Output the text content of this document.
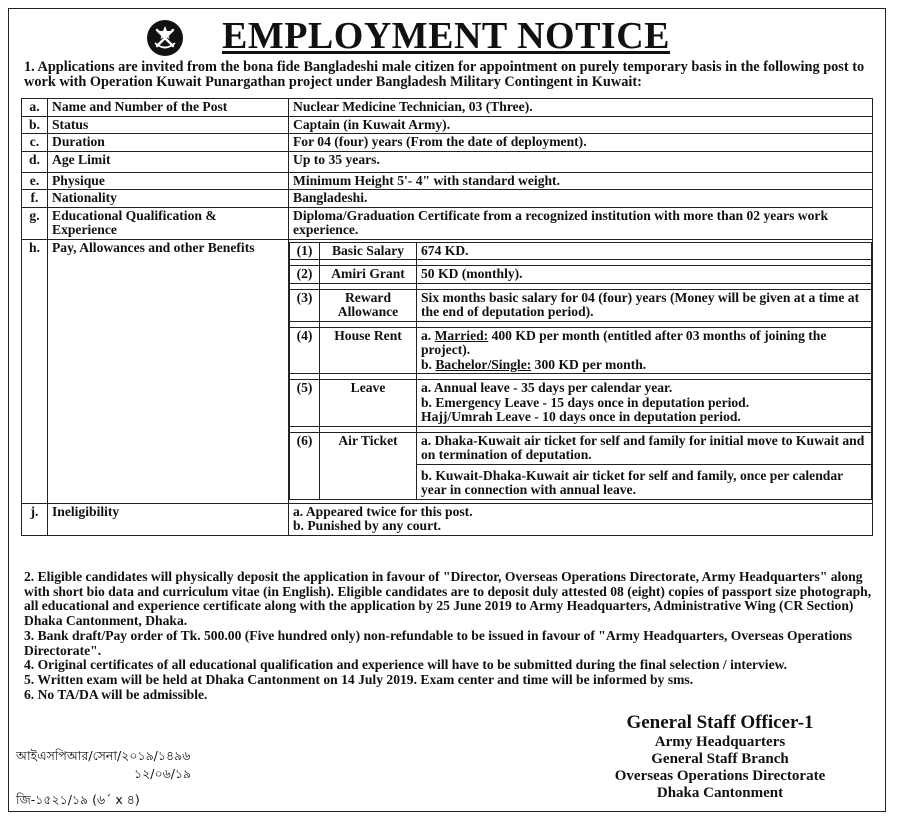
EMPLOYMENT NOTICE
1. Applications are invited from the bona fide Bangladeshi male citizen for appointment on purely temporary basis in the following post to work with Operation Kuwait Punargathan project under Bangladesh Military Contingent in Kuwait:
a.	Name and Number of the Post	Nuclear Medicine Technician, 03 (Three).
b.	Status	Captain (in Kuwait Army).
c.	Duration	For 04 (four) years (From the date of deployment).
d.	Age Limit	Up to 35 years.
e.	Physique	Minimum Height 5'- 4" with standard weight.
f.	Nationality	Bangladeshi.
g.	Educational Qualification & Experience	Diploma/Graduation Certificate from a recognized institution with more than 02 years work experience.
h.	Pay, Allowances and other Benefits		(1)	Basic Salary	674 KD.

(2)	Amiri Grant	50 KD (monthly).

(3)	Reward Allowance	Six months basic salary for 04 (four) years (Money will be given at a time at the end of deputation period).

(4)	House Rent	a. Married: 400 KD per month (entitled after 03 months of joining the project).
b. Bachelor/Single: 300 KD per month.

(5)	Leave	a. Annual leave - 35 days per calendar year.
b. Emergency Leave - 15 days once in deputation period.
Hajj/Umrah Leave - 10 days once in deputation period.

(6)	Air Ticket	a. Dhaka-Kuwait air ticket for self and family for initial move to Kuwait and on termination of deputation.
b. Kuwait-Dhaka-Kuwait air ticket for self and family, once per calendar year in connection with annual leave.

j.	Ineligibility	a. Appeared twice for this post.
b. Punished by any court.

2. Eligible candidates will physically deposit the application in favour of "Director, Overseas Operations Directorate, Army Headquarters" along with short bio data and curriculum vitae (in English). Eligible candidates are to deposit duly attested 08 (eight) copies of passport size photograph, all educational and experience certificate along with the application by 25 June 2019 to Army Headquarters, Administrative Wing (CR Section) Dhaka Cantonment, Dhaka.

3. Bank draft/Pay order of Tk. 500.00 (Five hundred only) non-refundable to be issued in favour of "Army Headquarters, Overseas Operations Directorate".

4. Original certificates of all educational qualification and experience will have to be submitted during the final selection / interview.

5. Written exam will be held at Dhaka Cantonment on 14 July 2019. Exam center and time will be informed by sms.

6. No TA/DA will be admissible.

General Staff Officer-1
Army Headquarters
General Staff Branch
Overseas Operations Directorate
Dhaka Cantonment
আইএসপিআর/সেনা/২০১৯/১৪৯৬
১২/০৬/১৯
জি-১৫২১/১৯ (৬´ x ৪)
